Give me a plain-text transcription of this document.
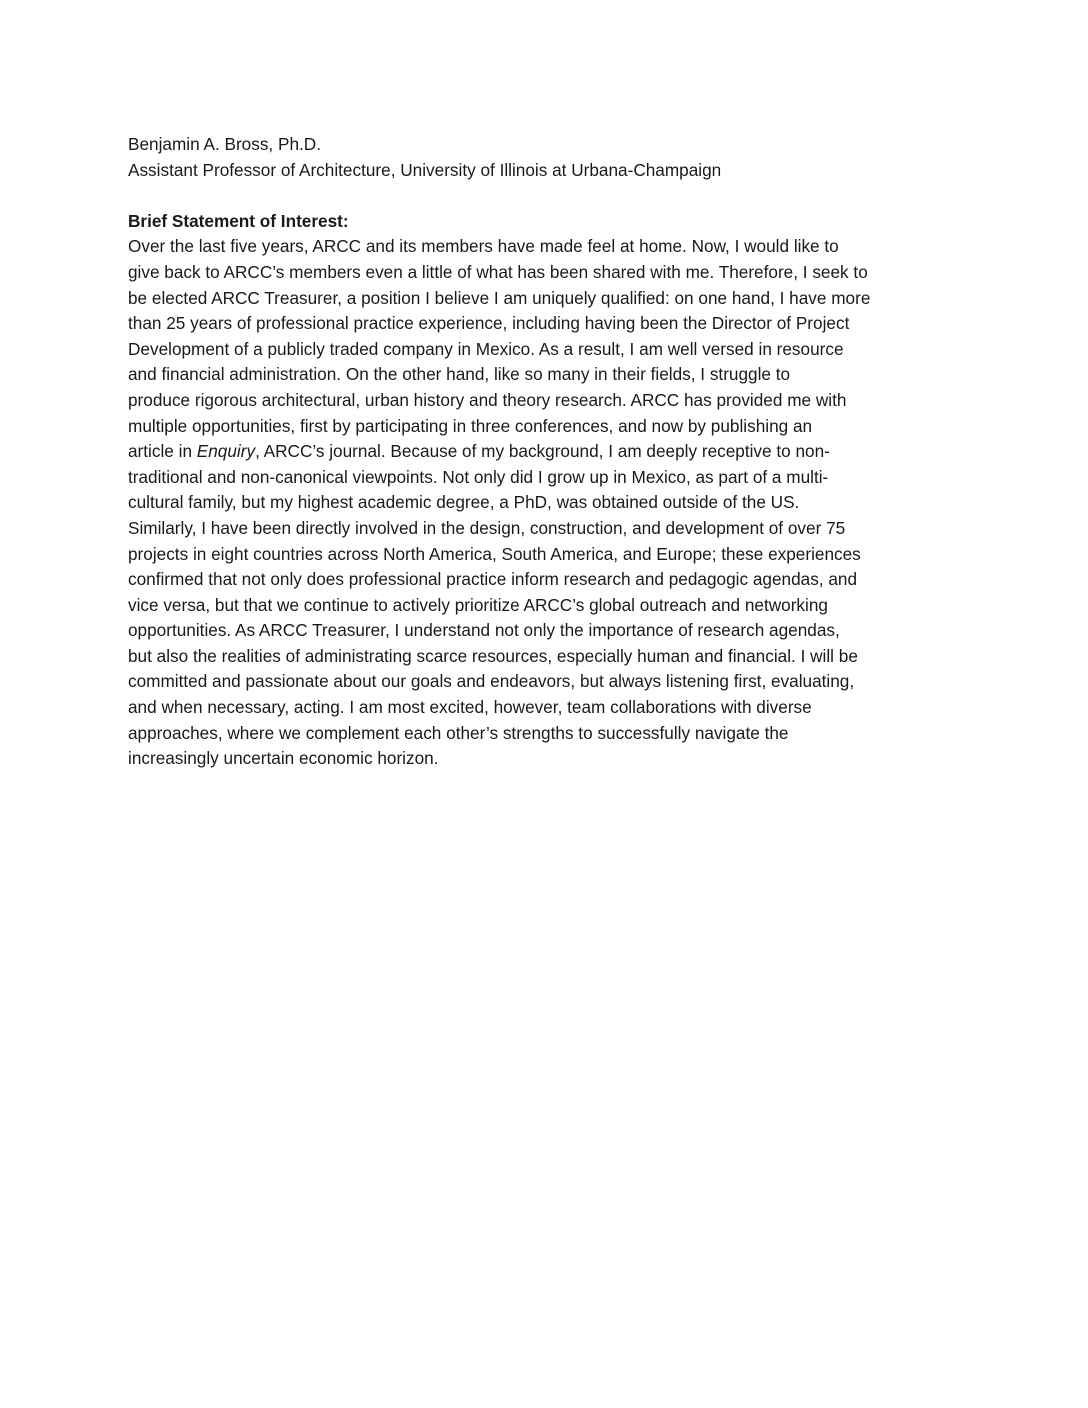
Benjamin A. Bross, Ph.D.
Assistant Professor of Architecture, University of Illinois at Urbana-Champaign
Brief Statement of Interest:
Over the last five years, ARCC and its members have made feel at home. Now, I would like to
give back to ARCC’s members even a little of what has been shared with me. Therefore, I seek to
be elected ARCC Treasurer, a position I believe I am uniquely qualified: on one hand, I have more
than 25 years of professional practice experience, including having been the Director of Project
Development of a publicly traded company in Mexico. As a result, I am well versed in resource
and financial administration. On the other hand, like so many in their fields, I struggle to
produce rigorous architectural, urban history and theory research. ARCC has provided me with
multiple opportunities, first by participating in three conferences, and now by publishing an
article in Enquiry, ARCC’s journal. Because of my background, I am deeply receptive to non-
traditional and non-canonical viewpoints. Not only did I grow up in Mexico, as part of a multi-
cultural family, but my highest academic degree, a PhD, was obtained outside of the US.
Similarly, I have been directly involved in the design, construction, and development of over 75
projects in eight countries across North America, South America, and Europe; these experiences
confirmed that not only does professional practice inform research and pedagogic agendas, and
vice versa, but that we continue to actively prioritize ARCC’s global outreach and networking
opportunities. As ARCC Treasurer, I understand not only the importance of research agendas,
but also the realities of administrating scarce resources, especially human and financial. I will be
committed and passionate about our goals and endeavors, but always listening first, evaluating,
and when necessary, acting. I am most excited, however, team collaborations with diverse
approaches, where we complement each other’s strengths to successfully navigate the
increasingly uncertain economic horizon.
